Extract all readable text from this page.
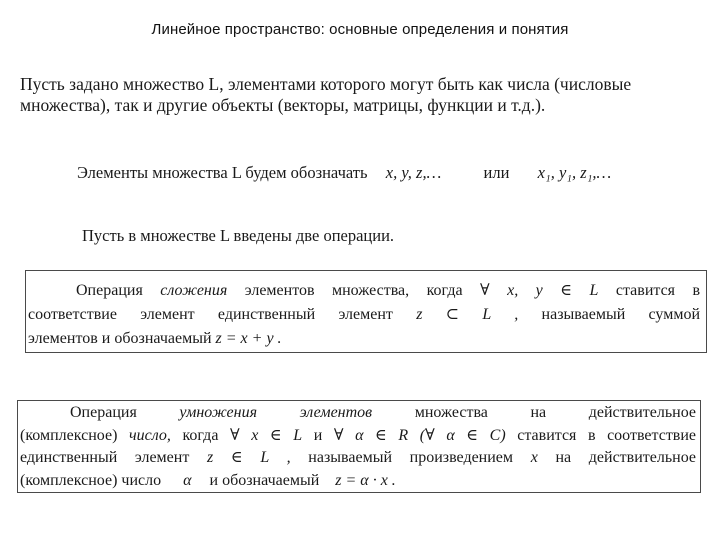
Линейное пространство: основные определения и понятия
Пусть задано множество L, элементами которого могут быть как числа (числовые множества), так и другие объекты (векторы, матрицы, функции и т.д.).
Элементы множества L будем обозначать x, y, z,…	или x₁, y₁, z₁,…
Пусть в множестве L введены две операции.
Операция сложения элементов множества, когда ∀ x, y ∈ L ставится в
соответствие элемент единственный элемент z ⊂ L , называемый суммой
элементов и обозначаемый z = x + y .
Операция	умножения элементов	множества на действительное
(комплексное) число, когда ∀ x ∈ L и ∀ α ∈ R (∀ α ∈ C) ставится в соответствие
единственный элемент z ∈ L , называемый произведением x на действительное
(комплексное) число α и обозначаемый z = α · x .
